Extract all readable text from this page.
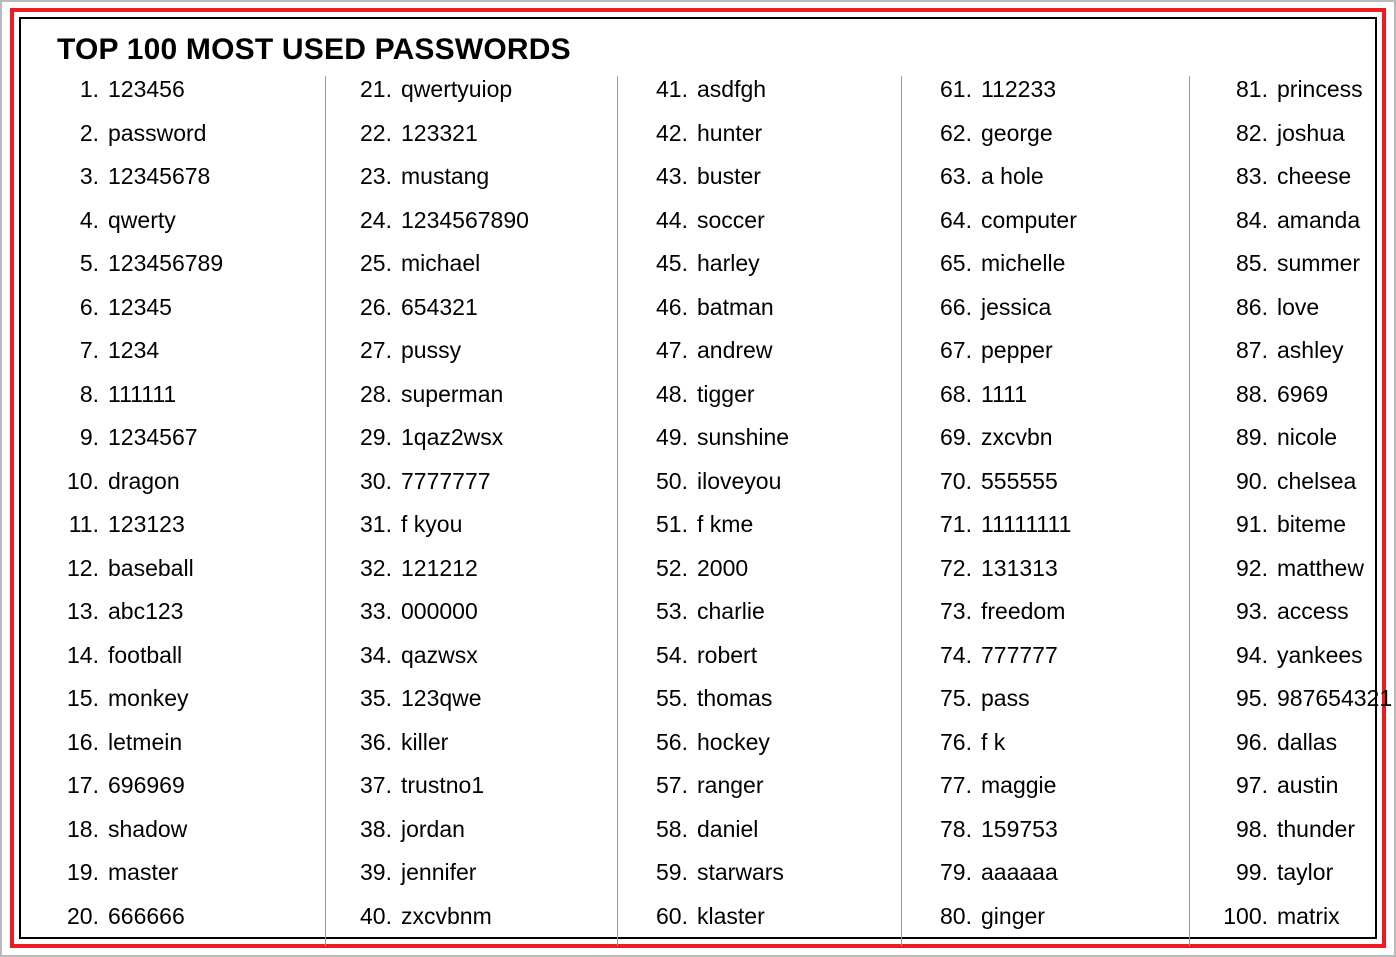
TOP 100 MOST USED PASSWORDS
1. 123456
2. password
3. 12345678
4. qwerty
5. 123456789
6. 12345
7. 1234
8. 111111
9. 1234567
10. dragon
11. 123123
12. baseball
13. abc123
14. football
15. monkey
16. letmein
17. 696969
18. shadow
19. master
20. 666666
21. qwertyuiop
22. 123321
23. mustang
24. 1234567890
25. michael
26. 654321
27. pussy
28. superman
29. 1qaz2wsx
30. 7777777
31. f kyou
32. 121212
33. 000000
34. qazwsx
35. 123qwe
36. killer
37. trustno1
38. jordan
39. jennifer
40. zxcvbnm
41. asdfgh
42. hunter
43. buster
44. soccer
45. harley
46. batman
47. andrew
48. tigger
49. sunshine
50. iloveyou
51. f kme
52. 2000
53. charlie
54. robert
55. thomas
56. hockey
57. ranger
58. daniel
59. starwars
60. klaster
61. 112233
62. george
63. a hole
64. computer
65. michelle
66. jessica
67. pepper
68. 1111
69. zxcvbn
70. 555555
71. 11111111
72. 131313
73. freedom
74. 777777
75. pass
76. f k
77. maggie
78. 159753
79. aaaaaa
80. ginger
81. princess
82. joshua
83. cheese
84. amanda
85. summer
86. love
87. ashley
88. 6969
89. nicole
90. chelsea
91. biteme
92. matthew
93. access
94. yankees
95. 987654321
96. dallas
97. austin
98. thunder
99. taylor
100. matrix
